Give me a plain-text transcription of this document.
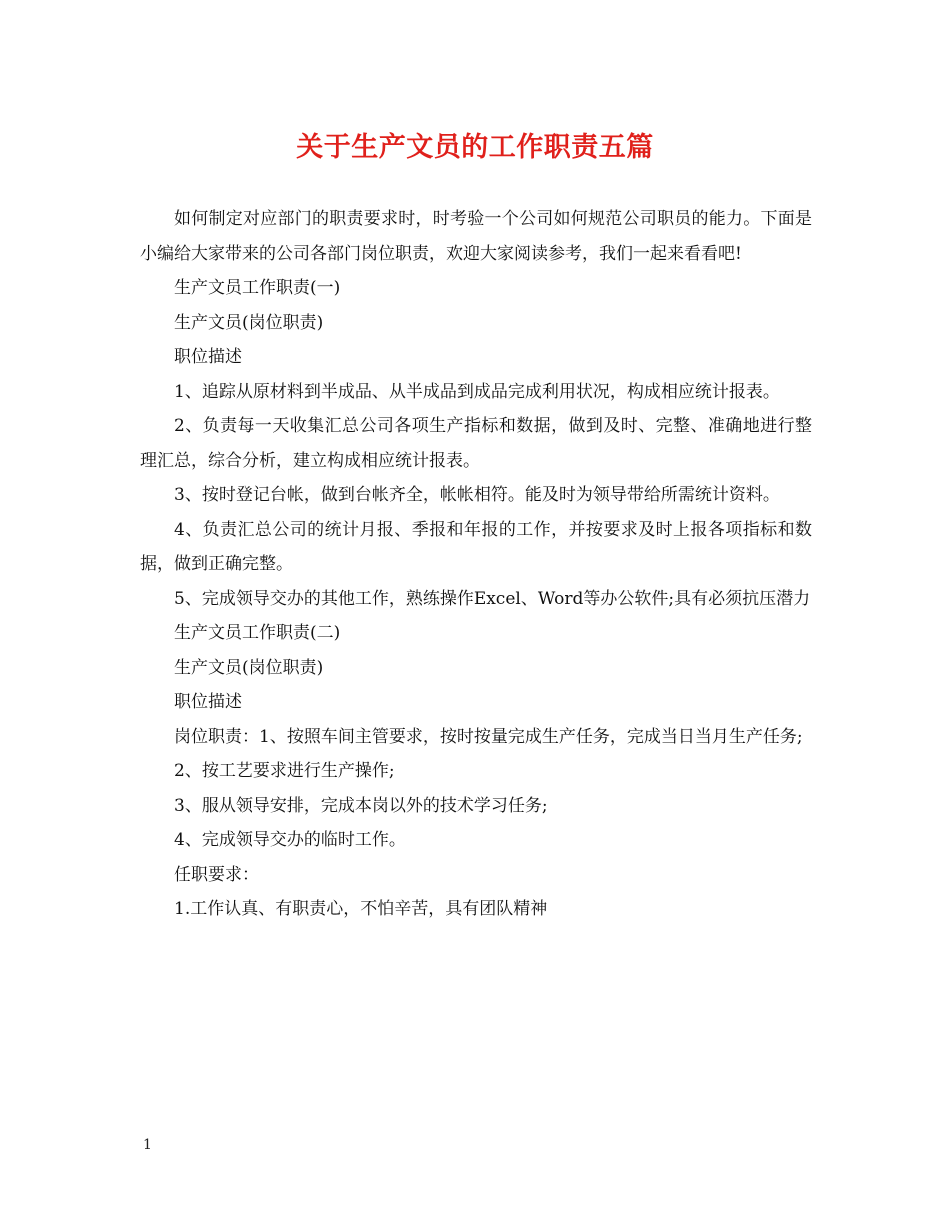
关于生产文员的工作职责五篇

如何制定对应部门的职责要求时，时考验一个公司如何规范公司职员的能力。下面是小编给大家带来的公司各部门岗位职责，欢迎大家阅读参考，我们一起来看看吧!

生产文员工作职责(一)

生产文员(岗位职责)

职位描述

1、追踪从原材料到半成品、从半成品到成品完成利用状况，构成相应统计报表。

2、负责每一天收集汇总公司各项生产指标和数据，做到及时、完整、准确地进行整理汇总，综合分析，建立构成相应统计报表。

3、按时登记台帐，做到台帐齐全，帐帐相符。能及时为领导带给所需统计资料。

4、负责汇总公司的统计月报、季报和年报的工作，并按要求及时上报各项指标和数据，做到正确完整。

5、完成领导交办的其他工作，熟练操作Excel、Word等办公软件;具有必须抗压潜力

生产文员工作职责(二)

生产文员(岗位职责)

职位描述

岗位职责：1、按照车间主管要求，按时按量完成生产任务，完成当日当月生产任务;

2、按工艺要求进行生产操作;

3、服从领导安排，完成本岗以外的技术学习任务;

4、完成领导交办的临时工作。

任职要求：

1.工作认真、有职责心，不怕辛苦，具有团队精神

1
